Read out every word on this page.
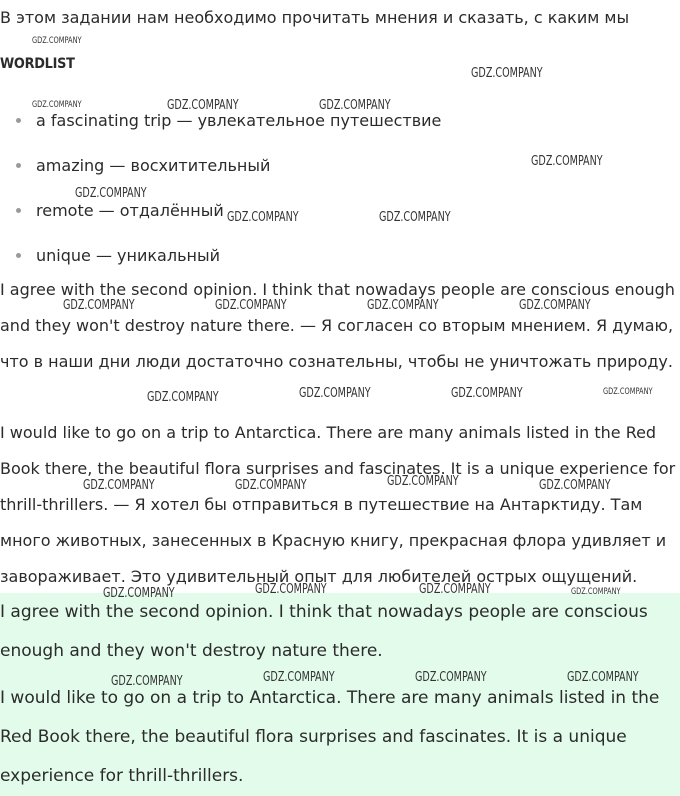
В этом задании нам необходимо прочитать мнения и сказать, с каким мы
WORDLIST
a fascinating trip — увлекательное путешествие
amazing — восхитительный
remote — отдалённый
unique — уникальный

I agree with the second opinion. I think that nowadays people are conscious enough and they won't destroy nature there. — Я согласен со вторым мнением. Я думаю, что в наши дни люди достаточно сознательны, чтобы не уничтожать природу.

I would like to go on a trip to Antarctica. There are many animals listed in the Red Book there, the beautiful flora surprises and fascinates. It is a unique experience for thrill-thrillers. — Я хотел бы отправиться в путешествие на Антарктиду. Там много животных, занесенных в Красную книгу, прекрасная флора удивляет и завораживает. Это удивительный опыт для любителей острых ощущений.

I agree with the second opinion. I think that nowadays people are conscious enough and they won't destroy nature there.

I would like to go on a trip to Antarctica. There are many animals listed in the Red Book there, the beautiful flora surprises and fascinates. It is a unique experience for thrill-thrillers.

GDZ.COMPANY
GDZ.COMPANY
GDZ.COMPANY	GDZ.COMPANY	GDZ.COMPANY
GDZ.COMPANY
GDZ.COMPANY
GDZ.COMPANY	GDZ.COMPANY
GDZ.COMPANY	GDZ.COMPANY	GDZ.COMPANY	GDZ.COMPANY
GDZ.COMPANY	GDZ.COMPANY	GDZ.COMPANY	GDZ.COMPANY
GDZ.COMPANY	GDZ.COMPANY	GDZ.COMPANY	GDZ.COMPANY
GDZ.COMPANY	GDZ.COMPANY	GDZ.COMPANY	GDZ.COMPANY
GDZ.COMPANY	GDZ.COMPANY	GDZ.COMPANY	GDZ.COMPANY
